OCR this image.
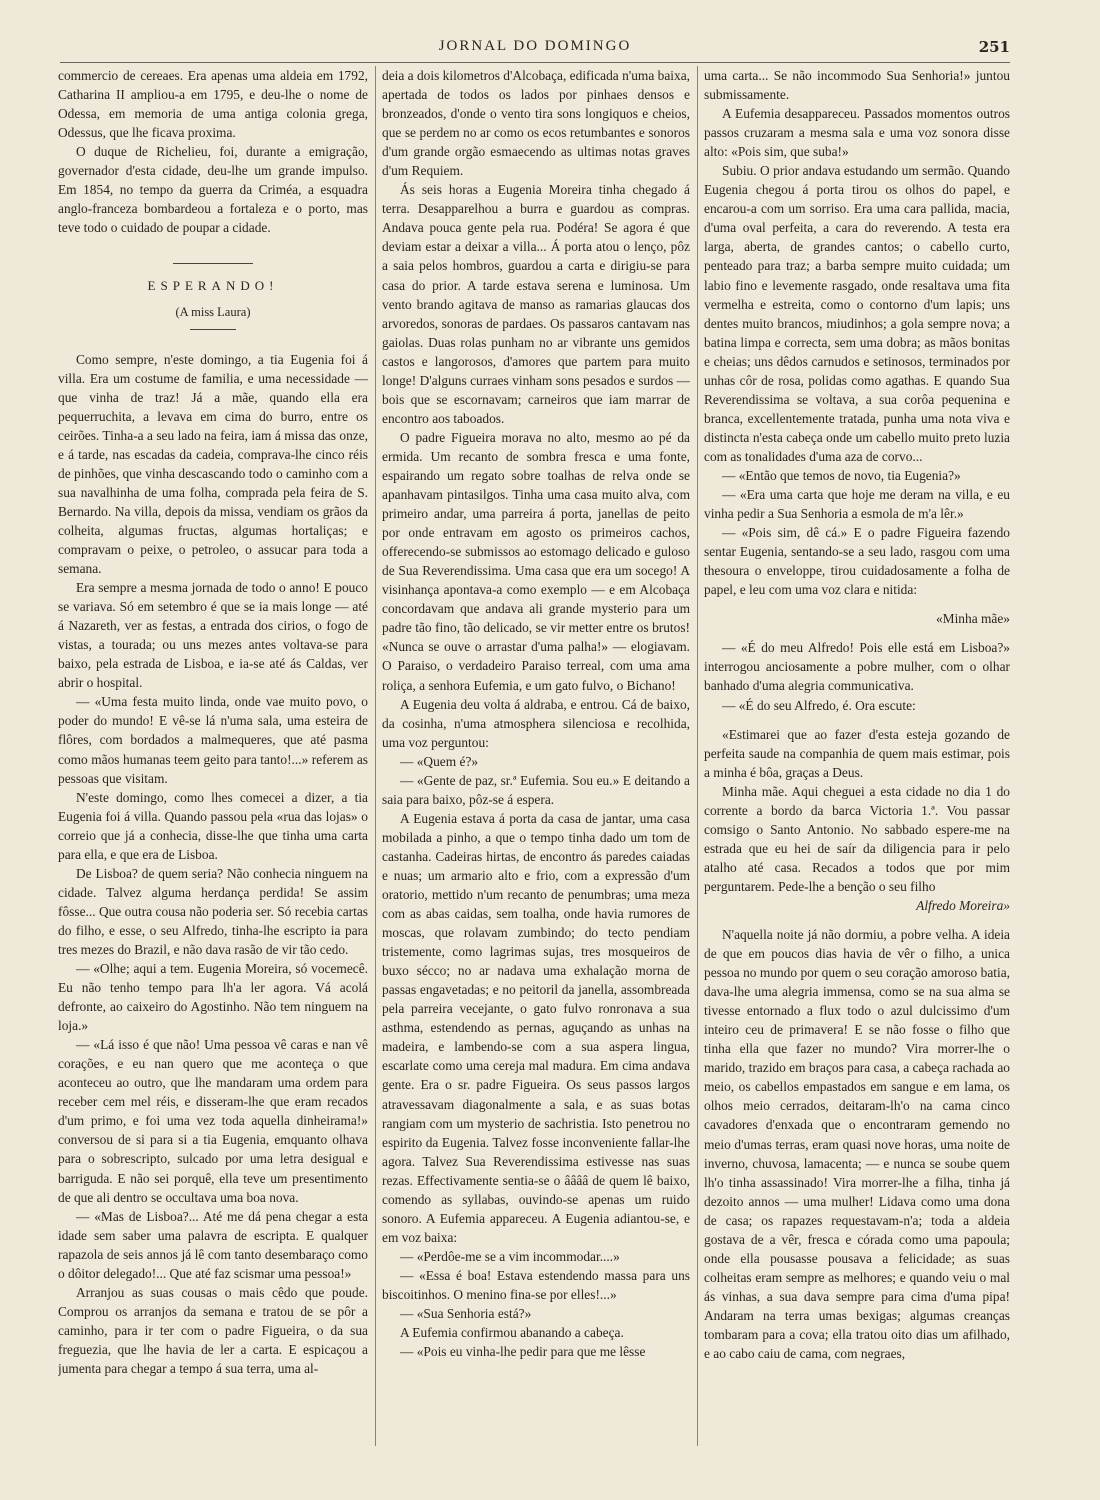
JORNAL DO DOMINGO	251

commercio de cereaes. Era apenas uma aldeia em 1792, Catharina II ampliou-a em 1795, e deu-lhe o nome de Odessa, em memoria de uma antiga colonia grega, Odessus, que lhe ficava proxima.

O duque de Richelieu, foi, durante a emigração, governador d'esta cidade, deu-lhe um grande impulso. Em 1854, no tempo da guerra da Criméa, a esquadra anglo-franceza bombardeou a fortaleza e o porto, mas teve todo o cuidado de poupar a cidade.

ESPERANDO!
(A miss Laura)

Como sempre, n'este domingo, a tia Eugenia foi á villa. Era um costume de familia, e uma necessidade — que vinha de traz! Já a mãe, quando ella era pequerruchita, a levava em cima do burro, entre os ceirões. Tinha-a a seu lado na feira, iam á missa das onze, e á tarde, nas escadas da cadeia, comprava-lhe cinco réis de pinhões, que vinha descascando todo o caminho com a sua navalhinha de uma folha, comprada pela feira de S. Bernardo. Na villa, depois da missa, vendiam os grãos da colheita, algumas fructas, algumas hortaliças; e compravam o peixe, o petroleo, o assucar para toda a semana.

Era sempre a mesma jornada de todo o anno! E pouco se variava. Só em setembro é que se ia mais longe — até á Nazareth, ver as festas, a entrada dos cirios, o fogo de vistas, a tourada; ou uns mezes antes voltava-se para baixo, pela estrada de Lisboa, e ia-se até ás Caldas, ver abrir o hospital.

— «Uma festa muito linda, onde vae muito povo, o poder do mundo! E vê-se lá n'uma sala, uma esteira de flôres, com bordados a malmequeres, que até pasma como mãos humanas teem geito para tanto!...» referem as pessoas que visitam.

N'este domingo, como lhes comecei a dizer, a tia Eugenia foi á villa. Quando passou pela «rua das lojas» o correio que já a conhecia, disse-lhe que tinha uma carta para ella, e que era de Lisboa.

De Lisboa? de quem seria? Não conhecia ninguem na cidade. Talvez alguma herdança perdida! Se assim fôsse... Que outra cousa não poderia ser. Só recebia cartas do filho, e esse, o seu Alfredo, tinha-lhe escripto ia para tres mezes do Brazil, e não dava rasão de vir tão cedo.

— «Olhe; aqui a tem. Eugenia Moreira, só vocemecê. Eu não tenho tempo para lh'a ler agora. Vá acolá defronte, ao caixeiro do Agostinho. Não tem ninguem na loja.»

— «Lá isso é que não! Uma pessoa vê caras e nan vê corações, e eu nan quero que me aconteça o que aconteceu ao outro, que lhe mandaram uma ordem para receber cem mel réis, e disseram-lhe que eram recados d'um primo, e foi uma vez toda aquella dinheirama!» conversou de si para si a tia Eugenia, emquanto olhava para o sobrescripto, sulcado por uma letra desigual e barriguda. E não sei porquê, ella teve um presentimento de que ali dentro se occultava uma boa nova.

— «Mas de Lisboa?... Até me dá pena chegar a esta idade sem saber uma palavra de escripta. E qualquer rapazola de seis annos já lê com tanto desembaraço como o dôitor delegado!... Que até faz scismar uma pessoa!»

Arranjou as suas cousas o mais cêdo que poude. Comprou os arranjos da semana e tratou de se pôr a caminho, para ir ter com o padre Figueira, o da sua freguezia, que lhe havia de ler a carta. E espicaçou a jumenta para chegar a tempo á sua terra, uma al-

deia a dois kilometros d'Alcobaça, edificada n'uma baixa, apertada de todos os lados por pinhaes densos e bronzeados, d'onde o vento tira sons longiquos e cheios, que se perdem no ar como os ecos retumbantes e sonoros d'um grande orgão esmaecendo as ultimas notas graves d'um Requiem.

Ás seis horas a Eugenia Moreira tinha chegado á terra. Desapparelhou a burra e guardou as compras. Andava pouca gente pela rua. Podéra! Se agora é que deviam estar a deixar a villa... Á porta atou o lenço, pôz a saia pelos hombros, guardou a carta e dirigiu-se para casa do prior. A tarde estava serena e luminosa. Um vento brando agitava de manso as ramarias glaucas dos arvoredos, sonoras de pardaes. Os passaros cantavam nas gaiolas. Duas rolas punham no ar vibrante uns gemidos castos e langorosos, d'amores que partem para muito longe! D'alguns curraes vinham sons pesados e surdos — bois que se escornavam; carneiros que iam marrar de encontro aos taboados.

O padre Figueira morava no alto, mesmo ao pé da ermida. Um recanto de sombra fresca e uma fonte, espairando um regato sobre toalhas de relva onde se apanhavam pintasilgos. Tinha uma casa muito alva, com primeiro andar, uma parreira á porta, janellas de peito por onde entravam em agosto os primeiros cachos, offerecendo-se submissos ao estomago delicado e guloso de Sua Reverendissima. Uma casa que era um socego! A visinhança apontava-a como exemplo — e em Alcobaça concordavam que andava ali grande mysterio para um padre tão fino, tão delicado, se vir metter entre os brutos! «Nunca se ouve o arrastar d'uma palha!» — elogiavam. O Paraiso, o verdadeiro Paraiso terreal, com uma ama roliça, a senhora Eufemia, e um gato fulvo, o Bichano!

A Eugenia deu volta á aldraba, e entrou. Cá de baixo, da cosinha, n'uma atmosphera silenciosa e recolhida, uma voz perguntou:

— «Quem é?»

— «Gente de paz, sr.ª Eufemia. Sou eu.» E deitando a saia para baixo, pôz-se á espera.

A Eugenia estava á porta da casa de jantar, uma casa mobilada a pinho, a que o tempo tinha dado um tom de castanha. Cadeiras hirtas, de encontro ás paredes caiadas e nuas; um armario alto e frio, com a expressão d'um oratorio, mettido n'um recanto de penumbras; uma meza com as abas caidas, sem toalha, onde havia rumores de moscas, que rolavam zumbindo; do tecto pendiam tristemente, como lagrimas sujas, tres mosqueiros de buxo sécco; no ar nadava uma exhalação morna de passas engavetadas; e no peitoril da janella, assombreada pela parreira vecejante, o gato fulvo ronronava a sua asthma, estendendo as pernas, aguçando as unhas na madeira, e lambendo-se com a sua aspera lingua, escarlate como uma cereja mal madura. Em cima andava gente. Era o sr. padre Figueira. Os seus passos largos atravessavam diagonalmente a sala, e as suas botas rangiam com um mysterio de sachristia. Isto penetrou no espirito da Eugenia. Talvez fosse inconveniente fallar-lhe agora. Talvez Sua Reverendissima estivesse nas suas rezas. Effectivamente sentia-se o ââââ de quem lê baixo, comendo as syllabas, ouvindo-se apenas um ruido sonoro. A Eufemia appareceu. A Eugenia adiantou-se, e em voz baixa:

— «Perdôe-me se a vim incommodar....»

— «Essa é boa! Estava estendendo massa para uns biscoitinhos. O menino fina-se por elles!...»

— «Sua Senhoria está?»

A Eufemia confirmou abanando a cabeça.

— «Pois eu vinha-lhe pedir para que me lêsse

uma carta... Se não incommodo Sua Senhoria!» juntou submissamente.

A Eufemia desappareceu. Passados momentos outros passos cruzaram a mesma sala e uma voz sonora disse alto: «Pois sim, que suba!»

Subiu. O prior andava estudando um sermão. Quando Eugenia chegou á porta tirou os olhos do papel, e encarou-a com um sorriso. Era uma cara pallida, macia, d'uma oval perfeita, a cara do reverendo. A testa era larga, aberta, de grandes cantos; o cabello curto, penteado para traz; a barba sempre muito cuidada; um labio fino e levemente rasgado, onde resaltava uma fita vermelha e estreita, como o contorno d'um lapis; uns dentes muito brancos, miudinhos; a gola sempre nova; a batina limpa e correcta, sem uma dobra; as mãos bonitas e cheias; uns dêdos carnudos e setinosos, terminados por unhas côr de rosa, polidas como agathas. E quando Sua Reverendissima se voltava, a sua corôa pequenina e branca, excellentemente tratada, punha uma nota viva e distincta n'esta cabeça onde um cabello muito preto luzia com as tonalidades d'uma aza de corvo...

— «Então que temos de novo, tia Eugenia?»

— «Era uma carta que hoje me deram na villa, e eu vinha pedir a Sua Senhoria a esmola de m'a lêr.»

— «Pois sim, dê cá.» E o padre Figueira fazendo sentar Eugenia, sentando-se a seu lado, rasgou com uma thesoura o enveloppe, tirou cuidadosamente a folha de papel, e leu com uma voz clara e nitida:

«Minha mãe»

— «É do meu Alfredo! Pois elle está em Lisboa?» interrogou anciosamente a pobre mulher, com o olhar banhado d'uma alegria communicativa.

— «É do seu Alfredo, é. Ora escute:

«Estimarei que ao fazer d'esta esteja gozando de perfeita saude na companhia de quem mais estimar, pois a minha é bôa, graças a Deus.

Minha mãe. Aqui cheguei a esta cidade no dia 1 do corrente a bordo da barca Victoria 1.ª. Vou passar comsigo o Santo Antonio. No sabbado espere-me na estrada que eu hei de saír da diligencia para ir pelo atalho até casa. Recados a todos que por mim perguntarem. Pede-lhe a benção o seu filho

Alfredo Moreira»

N'aquella noite já não dormiu, a pobre velha. A ideia de que em poucos dias havia de vêr o filho, a unica pessoa no mundo por quem o seu coração amoroso batia, dava-lhe uma alegria immensa, como se na sua alma se tivesse entornado a flux todo o azul dulcissimo d'um inteiro ceu de primavera! E se não fosse o filho que tinha ella que fazer no mundo? Vira morrer-lhe o marido, trazido em braços para casa, a cabeça rachada ao meio, os cabellos empastados em sangue e em lama, os olhos meio cerrados, deitaram-lh'o na cama cinco cavadores d'enxada que o encontraram gemendo no meio d'umas terras, eram quasi nove horas, uma noite de inverno, chuvosa, lamacenta; — e nunca se soube quem lh'o tinha assassinado! Vira morrer-lhe a filha, tinha já dezoito annos — uma mulher! Lidava como uma dona de casa; os rapazes requestavam-n'a; toda a aldeia gostava de a vêr, fresca e córada como uma papoula; onde ella pousasse pousava a felicidade; as suas colheitas eram sempre as melhores; e quando veiu o mal ás vinhas, a sua dava sempre para cima d'uma pipa! Andaram na terra umas bexigas; algumas creanças tombaram para a cova; ella tratou oito dias um afilhado, e ao cabo caiu de cama, com negraes,
